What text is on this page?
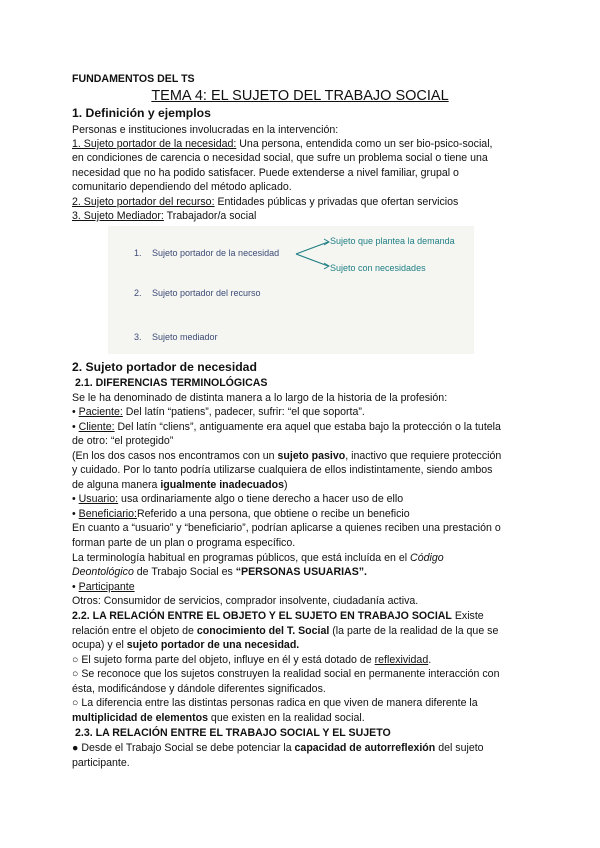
FUNDAMENTOS DEL TS
TEMA 4: EL SUJETO DEL TRABAJO SOCIAL
1. Definición y ejemplos
Personas e instituciones involucradas en la intervención:
1. Sujeto portador de la necesidad: Una persona, entendida como un ser bio-psico-social,
en condiciones de carencia o necesidad social, que sufre un problema social o tiene una
necesidad que no ha podido satisfacer. Puede extenderse a nivel familiar, grupal o
comunitario dependiendo del método aplicado.
2. Sujeto portador del recurso: Entidades públicas y privadas que ofertan servicios
3. Sujeto Mediador: Trabajador/a social
1. Sujeto portador de la necesidad
2. Sujeto portador del recurso
3. Sujeto mediador
Sujeto que plantea la demanda
Sujeto con necesidades
2. Sujeto portador de necesidad
2.1. DIFERENCIAS TERMINOLÓGICAS
Se le ha denominado de distinta manera a lo largo de la historia de la profesión:
• Paciente: Del latín “patiens”, padecer, sufrir: “el que soporta”.
• Cliente: Del latín “cliens”, antiguamente era aquel que estaba bajo la protección o la tutela
de otro: “el protegido”
(En los dos casos nos encontramos con un sujeto pasivo, inactivo que requiere protección
y cuidado. Por lo tanto podría utilizarse cualquiera de ellos indistintamente, siendo ambos
de alguna manera igualmente inadecuados)
• Usuario: usa ordinariamente algo o tiene derecho a hacer uso de ello
• Beneficiario:Referido a una persona, que obtiene o recibe un beneficio
En cuanto a “usuario” y “beneficiario”, podrían aplicarse a quienes reciben una prestación o
forman parte de un plan o programa específico.
La terminología habitual en programas públicos, que está incluída en el Código
Deontológico de Trabajo Social es “PERSONAS USUARIAS”.
• Participante
Otros: Consumidor de servicios, comprador insolvente, ciudadanía activa.
2.2. LA RELACIÓN ENTRE EL OBJETO Y EL SUJETO EN TRABAJO SOCIAL Existe
relación entre el objeto de conocimiento del T. Social (la parte de la realidad de la que se
ocupa) y el sujeto portador de una necesidad.
○ El sujeto forma parte del objeto, influye en él y está dotado de reflexividad.
○ Se reconoce que los sujetos construyen la realidad social en permanente interacción con
ésta, modificándose y dándole diferentes significados.
○ La diferencia entre las distintas personas radica en que viven de manera diferente la
multiplicidad de elementos que existen en la realidad social.
2.3. LA RELACIÓN ENTRE EL TRABAJO SOCIAL Y EL SUJETO
● Desde el Trabajo Social se debe potenciar la capacidad de autorreflexión del sujeto
participante.
